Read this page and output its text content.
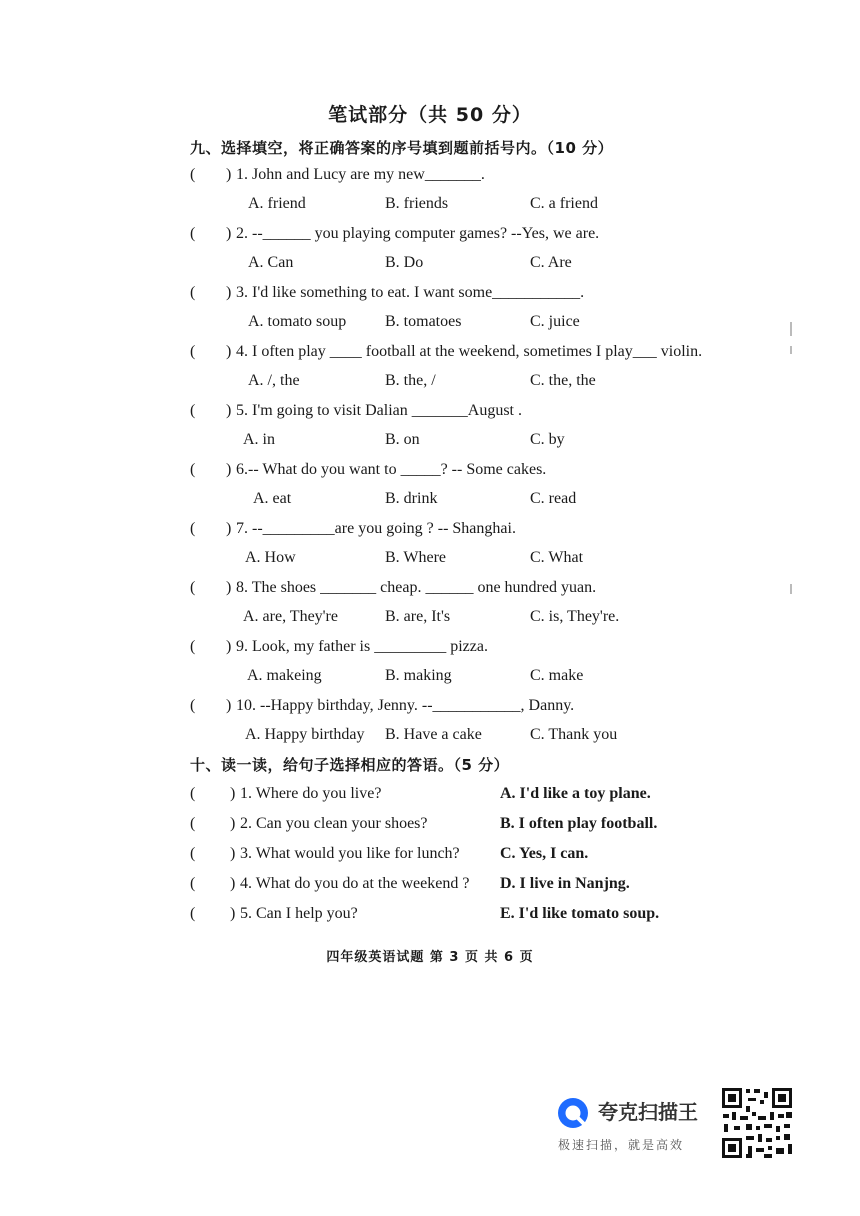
笔试部分（共 50 分）
九、选择填空，将正确答案的序号填到题前括号内。（10 分）
( ) 1. John and Lucy are my new_______.
A. friend	B. friends	C. a friend
( ) 2. --______ you playing computer games? --Yes, we are.
A. Can	B. Do	C. Are
( ) 3. I'd like something to eat. I want some___________.
A. tomato soup B. tomatoes	C. juice
( ) 4. I often play ____ football at the weekend, sometimes I play___ violin.
A. /, the	B. the, /	C. the, the
( ) 5. I'm going to visit Dalian _______August .
A. in	B. on	C. by
( ) 6.-- What do you want to _____? -- Some cakes.
A. eat	B. drink	C. read
( ) 7. --_________are you going ? -- Shanghai.
A. How	B. Where	C. What
( ) 8. The shoes _______ cheap. ______ one hundred yuan.
A. are, They're	B. are, It's	C. is, They're.
( ) 9. Look, my father is _________ pizza.
A. makeing	B. making	C. make
( ) 10. --Happy birthday, Jenny. --___________, Danny.
A. Happy birthday B. Have a cake	C. Thank you
十、读一读，给句子选择相应的答语。（5 分）
( ) 1. Where do you live?	A. I'd like a toy plane.
( ) 2. Can you clean your shoes?	B. I often play football.
( ) 3. What would you like for lunch?	C. Yes, I can.
( ) 4. What do you do at the weekend ? D. I live in Nanjng.
( ) 5. Can I help you?	E. I'd like tomato soup.
四年级英语试题 第 3 页 共 6 页
夸克扫描王
极速扫描，就是高效
